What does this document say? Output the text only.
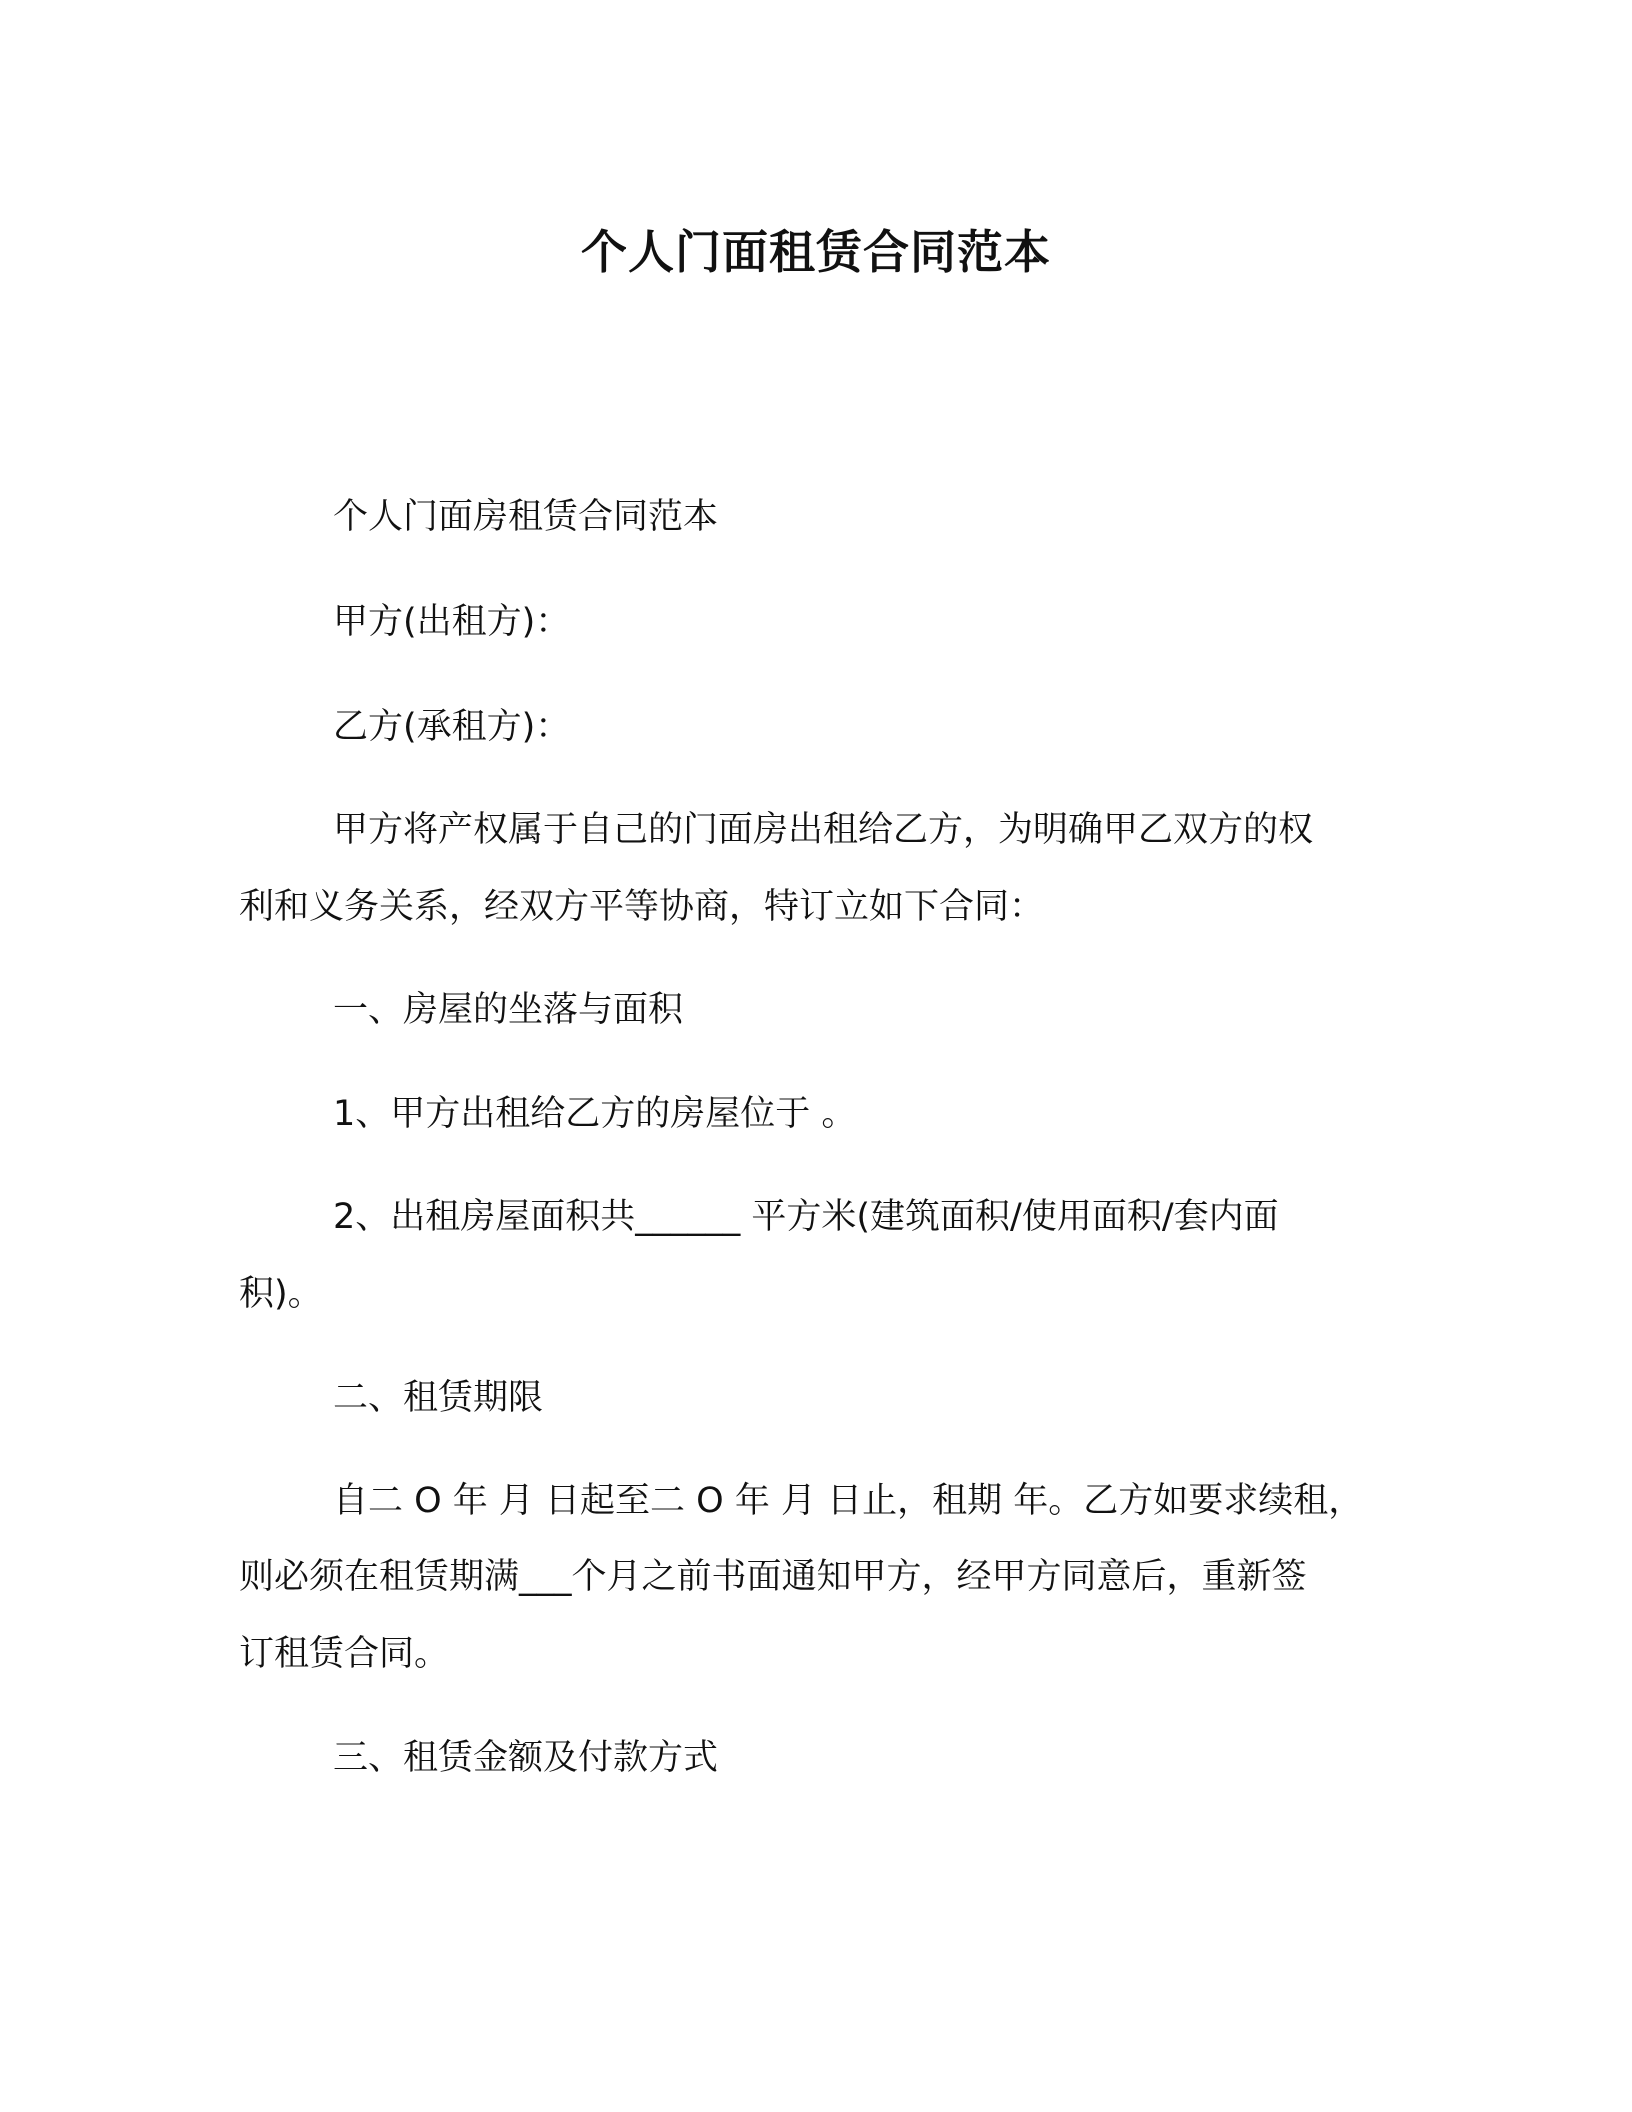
个人门面租赁合同范本
个人门面房租赁合同范本
甲方(出租方)：
乙方(承租方)：
甲方将产权属于自己的门面房出租给乙方，为明确甲乙双方的权
利和义务关系，经双方平等协商，特订立如下合同：
一、房屋的坐落与面积
1、甲方出租给乙方的房屋位于 。
2、出租房屋面积共______ 平方米(建筑面积/使用面积/套内面
积)。
二、租赁期限
自二 O 年 月 日起至二 O 年 月 日止，租期 年。乙方如要求续租，
则必须在租赁期满___个月之前书面通知甲方，经甲方同意后，重新签
订租赁合同。
三、租赁金额及付款方式
